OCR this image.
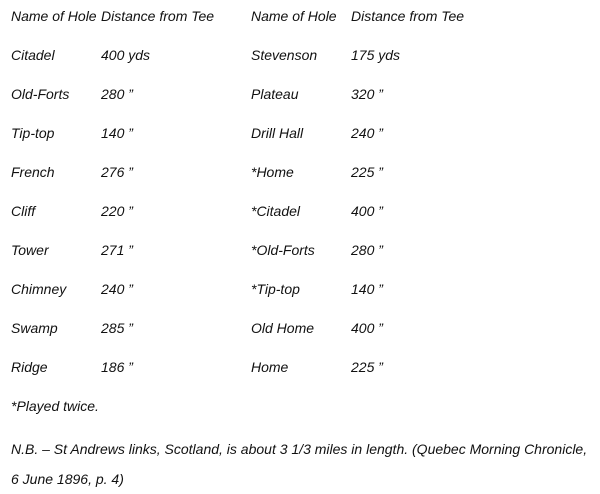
Name of Hole Distance from Tee
Citadel	400 yds
Old-Forts 280 ”
Tip-top	140 ”
French	276 ”
Cliff	220 ”
Tower	271 ”
Chimney 240 ”
Swamp	285 ”
Ridge	186 ”
Name of Hole Distance from Tee
Stevenson 175 yds
Plateau	320 ”
Drill Hall	240 ”
*Home	225 ”
*Citadel	400 ”
*Old-Forts	280 ”
*Tip-top	140 ”
Old Home	400 ”
Home	225 ”
*Played twice.
N.B. – St Andrews links, Scotland, is about 3 1/3 miles in length. (Quebec Morning Chronicle, 6 June 1896, p. 4)
